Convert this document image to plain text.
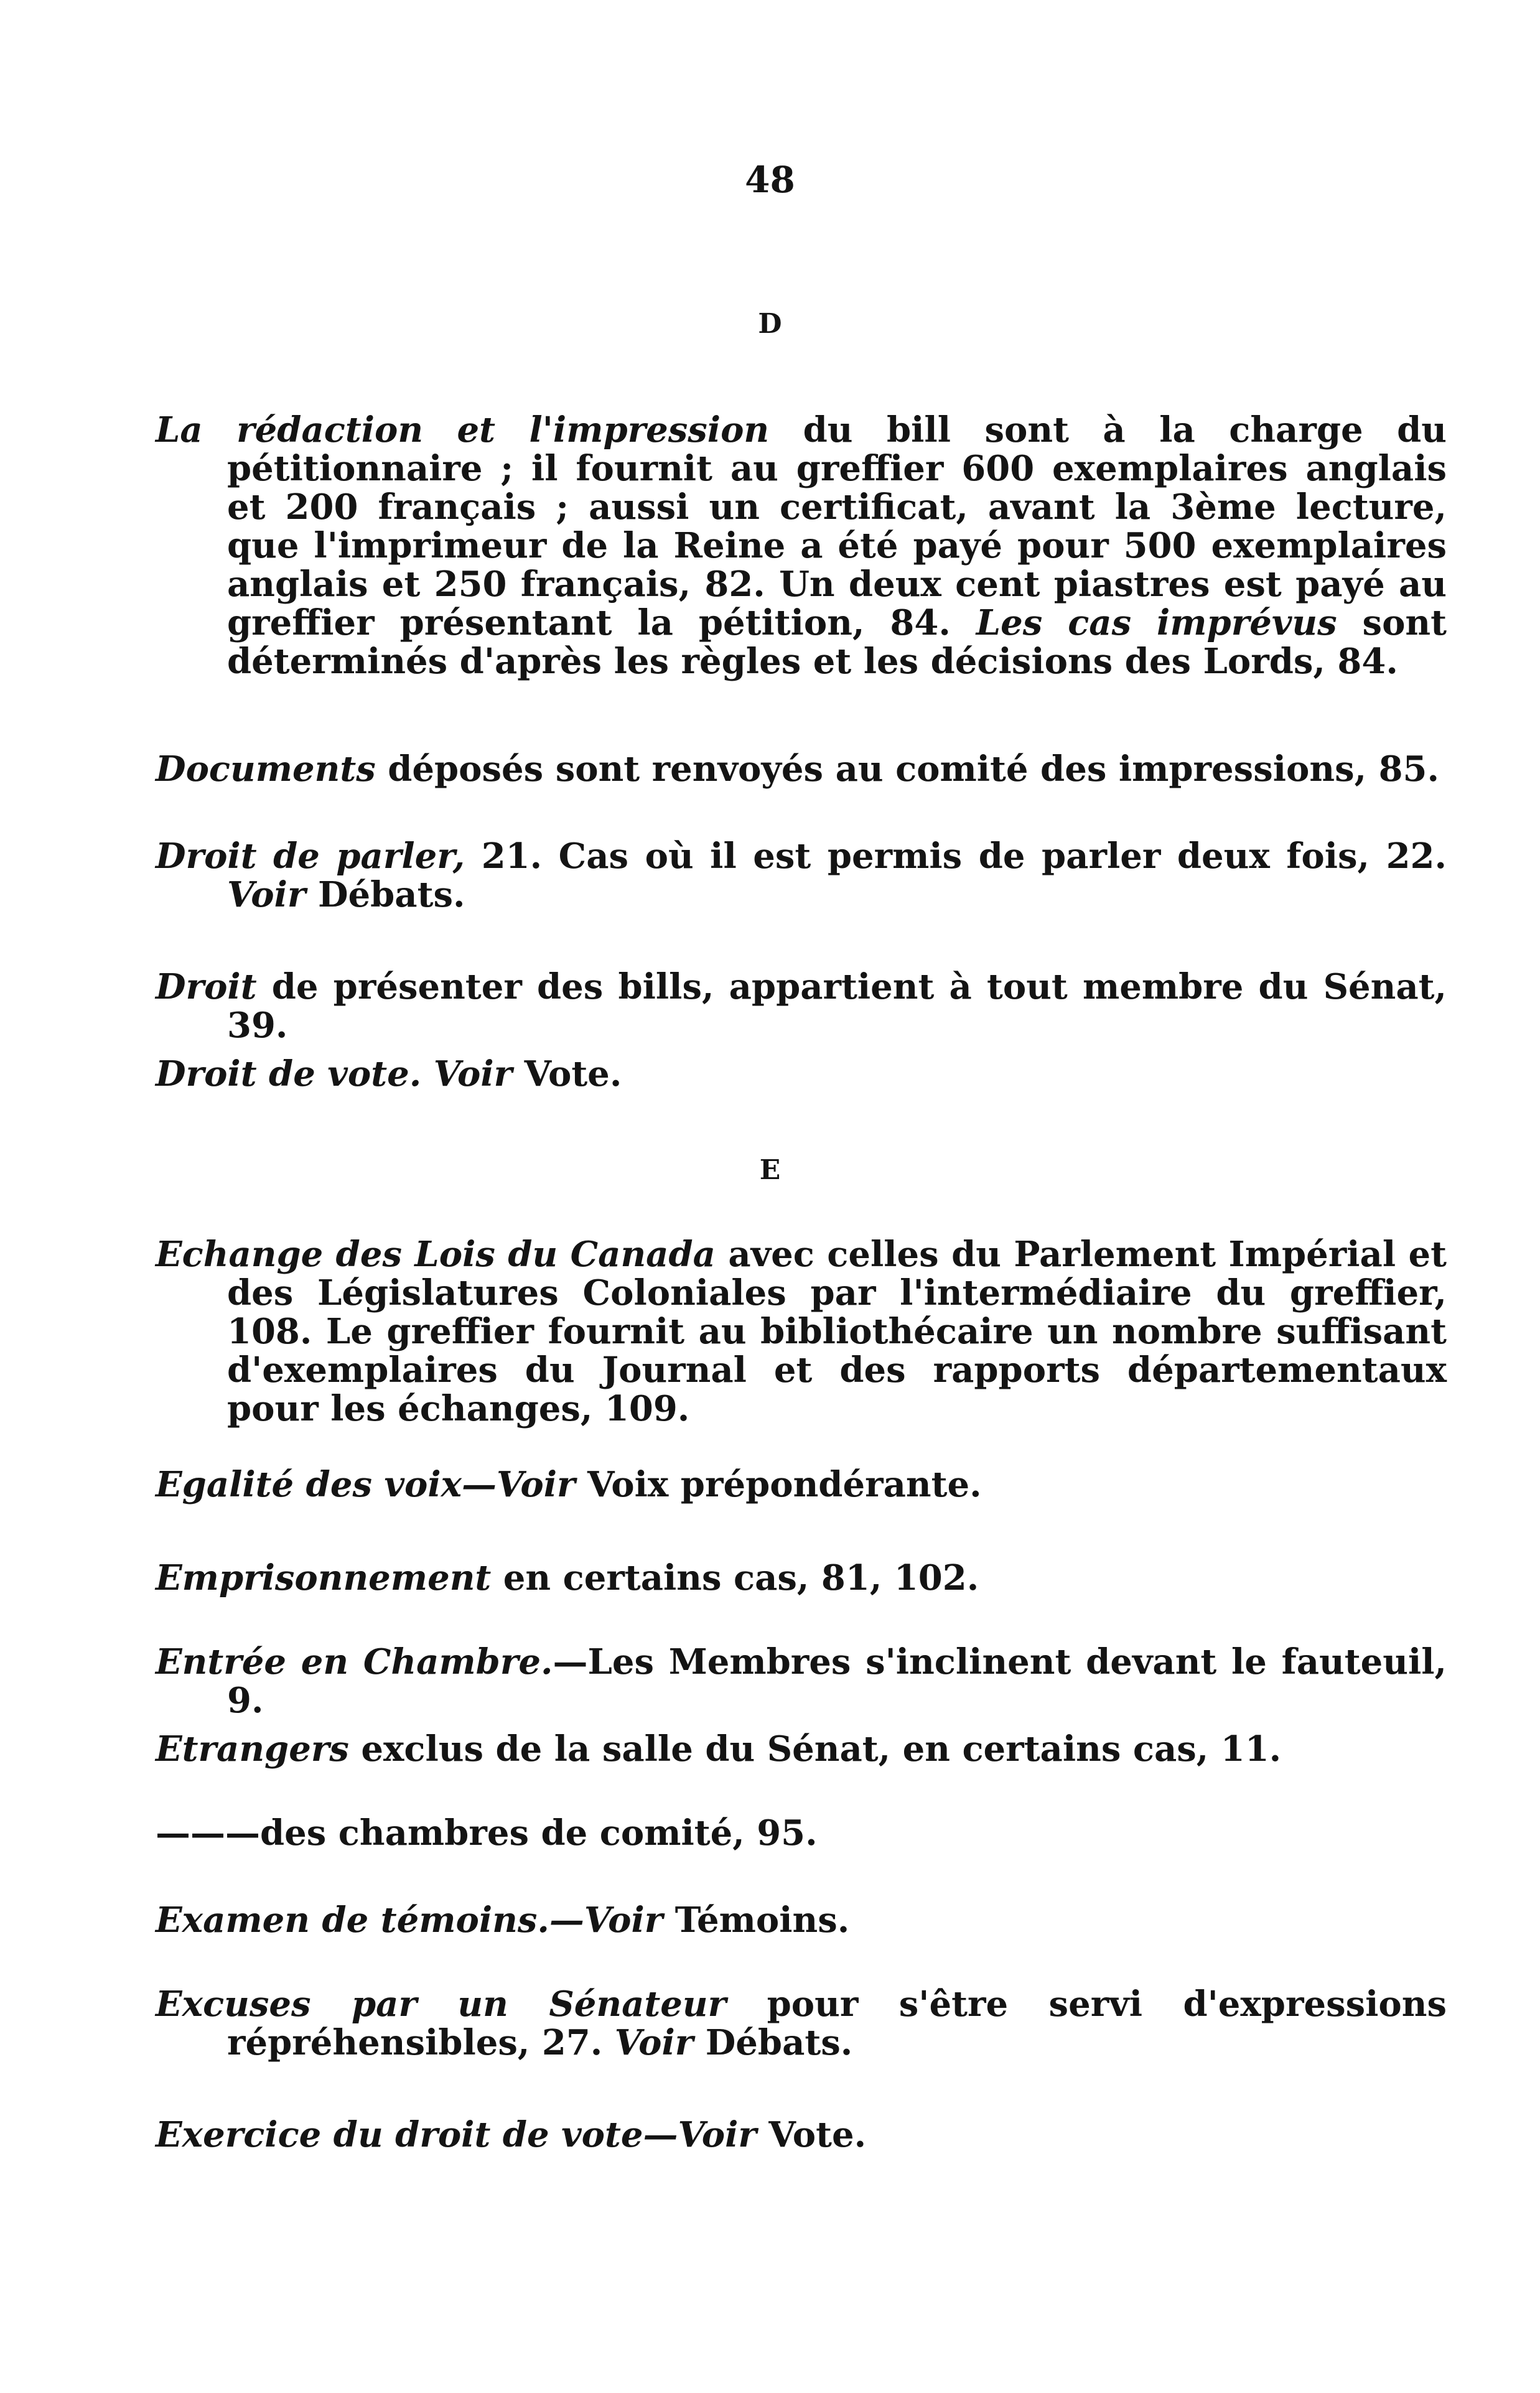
48
D
La rédaction et l'impression du bill sont à la charge du pétitionnaire ; il fournit au greffier 600 exemplaires anglais et 200 français ; aussi un certificat, avant la 3ème lecture, que l'imprimeur de la Reine a été payé pour 500 exemplaires anglais et 250 français, 82. Un deux cent piastres est payé au greffier présentant la pétition, 84. Les cas imprévus sont déterminés d'après les règles et les décisions des Lords, 84.
Documents déposés sont renvoyés au comité des impressions, 85.
Droit de parler, 21. Cas où il est permis de parler deux fois, 22. Voir Débats.
Droit de présenter des bills, appartient à tout membre du Sénat, 39.
Droit de vote. Voir Vote.
E
Echange des Lois du Canada avec celles du Parlement Impérial et des Législatures Coloniales par l'intermédiaire du greffier, 108. Le greffier fournit au bibliothécaire un nombre suffisant d'exemplaires du Journal et des rapports départementaux pour les échanges, 109.
Egalité des voix—Voir Voix prépondérante.
Emprisonnement en certains cas, 81, 102.
Entrée en Chambre.—Les Membres s'inclinent devant le fauteuil, 9.
Etrangers exclus de la salle du Sénat, en certains cas, 11.
———des chambres de comité, 95.
Examen de témoins.—Voir Témoins.
Excuses par un Sénateur pour s'être servi d'expressions répréhensibles, 27. Voir Débats.
Exercice du droit de vote—Voir Vote.
